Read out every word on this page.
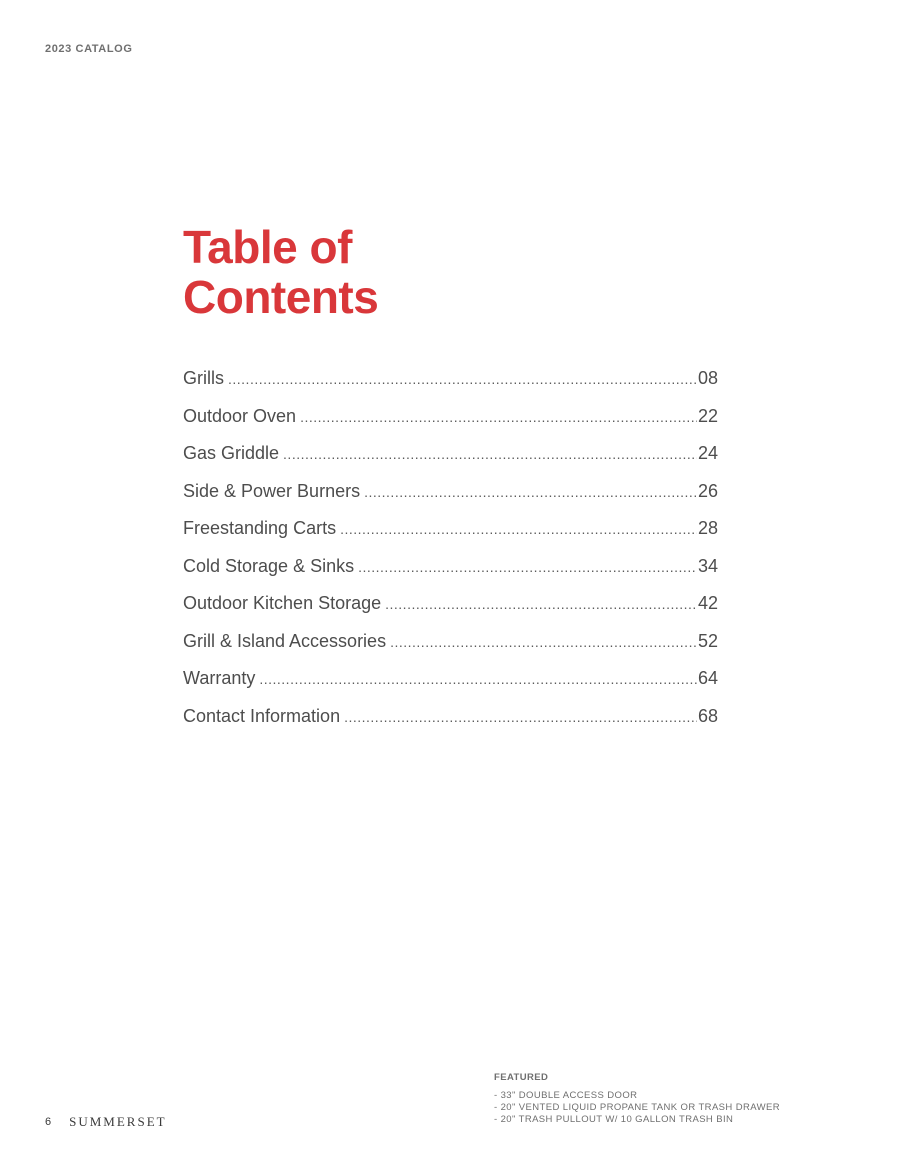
2023 CATALOG
Table of
Contents
Grills .....	08
Outdoor Oven .....	22
Gas Griddle .....	24
Side & Power Burners .....	26
Freestanding Carts .....	28
Cold Storage & Sinks .....	34
Outdoor Kitchen Storage .....	42
Grill & Island Accessories .....	52
Warranty .....	64
Contact Information .....	68
FEATURED
- 33" DOUBLE ACCESS DOOR
- 20" VENTED LIQUID PROPANE TANK OR TRASH DRAWER
- 20" TRASH PULLOUT W/ 10 GALLON TRASH BIN
6 SUMMERSET
